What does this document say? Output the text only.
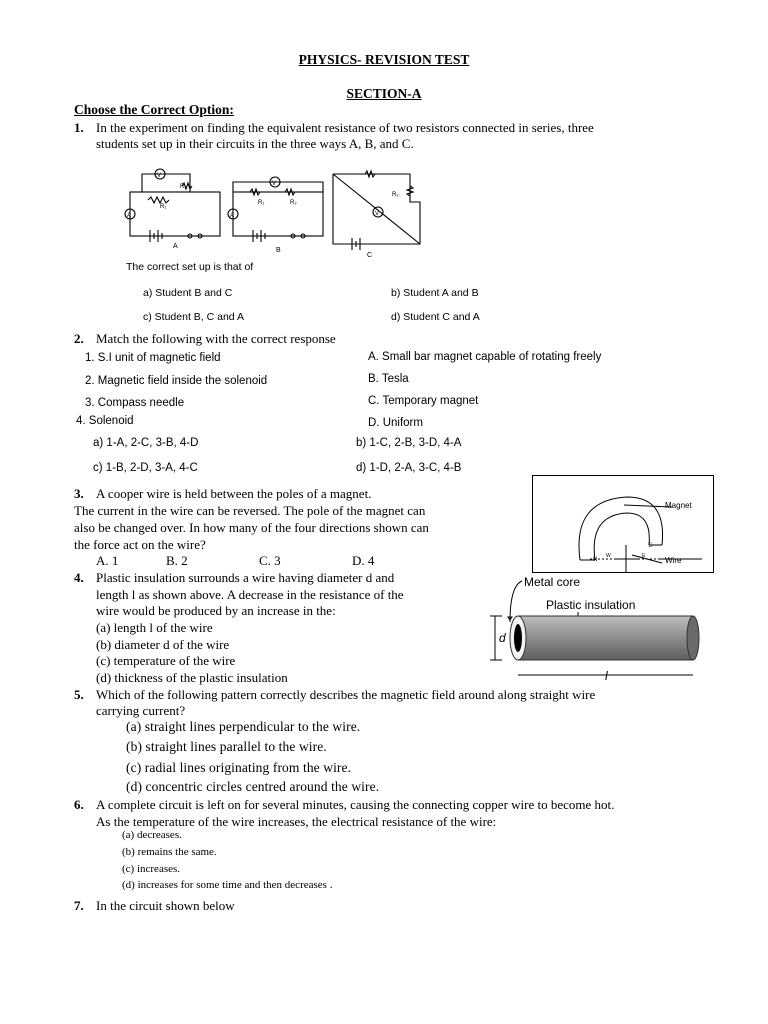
PHYSICS- REVISION TEST
SECTION-A
Choose the Correct Option:
1. In the experiment on finding the equivalent resistance of two resistors connected in series, three
students set up in their circuits in the three ways A, B, and C.
A
B
C
R₂
R₁
R₁	R₂
R₂
V
A
V
A	V
The correct set up is that of
a) Student B and C	b) Student A and B
c) Student B, C and A	d) Student C and A
2. Match the following with the correct response
1. S.I unit of magnetic field
2. Magnetic field inside the solenoid
3. Compass needle
4. Solenoid
A. Small bar magnet capable of rotating freely
B. Tesla
C. Temporary magnet
D. Uniform
a) 1-A, 2-C, 3-B, 4-D	b) 1-C, 2-B, 3-D, 4-A
c) 1-B, 2-D, 3-A, 4-C	d) 1-D, 2-A, 3-C, 4-B
3. A cooper wire is held between the poles of a magnet.
The current in the wire can be reversed. The pole of the magnet can
also be changed over. In how many of the four directions shown can
the force act on the wire?
A. 1	B. 2	C. 3	D. 4
Magnet
Wire
N
S
E
W
4. Plastic insulation surrounds a wire having diameter d and
length l as shown above. A decrease in the resistance of the
wire would be produced by an increase in the:
(a) length l of the wire
(b) diameter d of the wire
(c) temperature of the wire
(d) thickness of the plastic insulation
Metal core
Plastic insulation
d
l
5. Which of the following pattern correctly describes the magnetic field around along straight wire
carrying current?
(a) straight lines perpendicular to the wire.
(b) straight lines parallel to the wire.
(c) radial lines originating from the wire.
(d) concentric circles centred around the wire.
6. A complete circuit is left on for several minutes, causing the connecting copper wire to become hot.
As the temperature of the wire increases, the electrical resistance of the wire:
(a) decreases.
(b) remains the same.
(c) increases.
(d) increases for some time and then decreases .
7. In the circuit shown below
